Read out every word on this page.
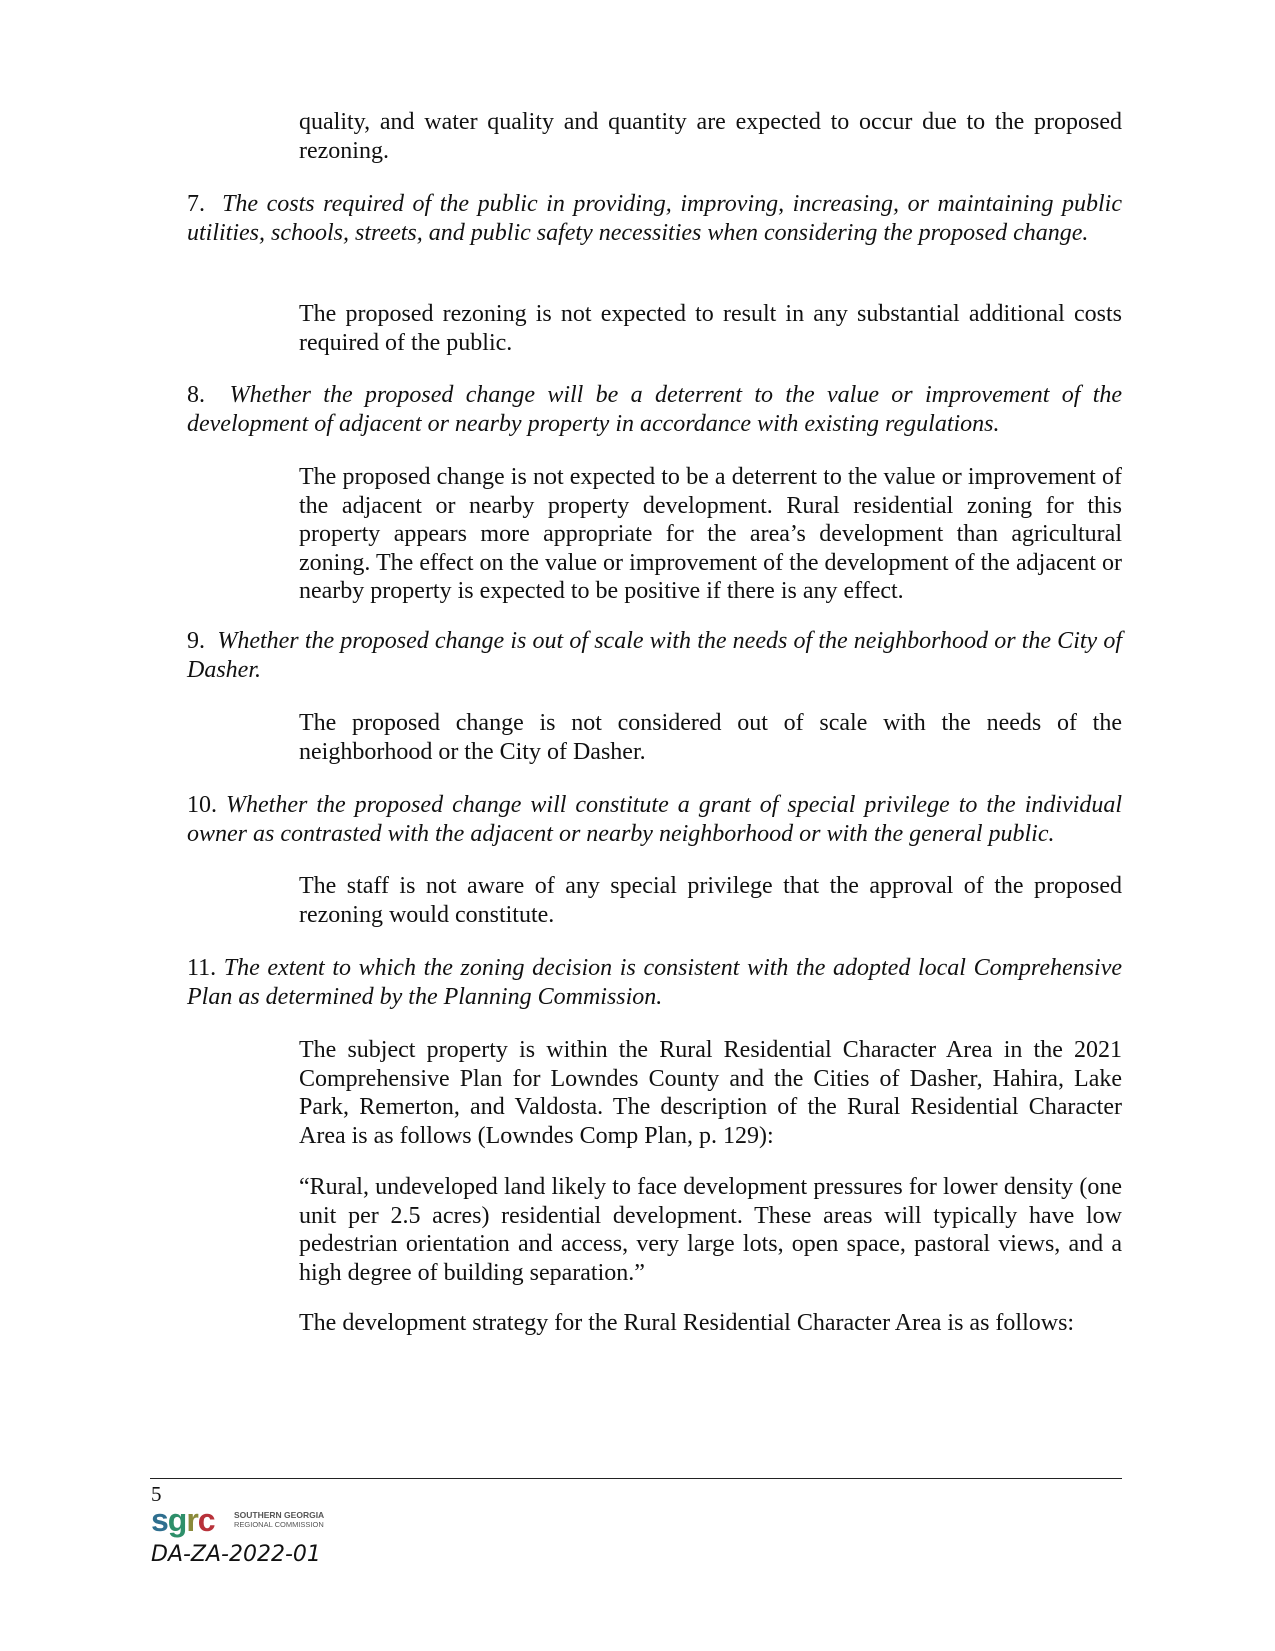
quality, and water quality and quantity are expected to occur due to the proposed rezoning.

7. The costs required of the public in providing, improving, increasing, or maintaining public utilities, schools, streets, and public safety necessities when considering the proposed change.

The proposed rezoning is not expected to result in any substantial additional costs required of the public.

8. Whether the proposed change will be a deterrent to the value or improvement of the development of adjacent or nearby property in accordance with existing regulations.

The proposed change is not expected to be a deterrent to the value or improvement of the adjacent or nearby property development. Rural residential zoning for this property appears more appropriate for the area’s development than agricultural zoning. The effect on the value or improvement of the development of the adjacent or nearby property is expected to be positive if there is any effect.

9. Whether the proposed change is out of scale with the needs of the neighborhood or the City of Dasher.

The proposed change is not considered out of scale with the needs of the neighborhood or the City of Dasher.

10. Whether the proposed change will constitute a grant of special privilege to the individual owner as contrasted with the adjacent or nearby neighborhood or with the general public.

The staff is not aware of any special privilege that the approval of the proposed rezoning would constitute.

11. The extent to which the zoning decision is consistent with the adopted local Comprehensive Plan as determined by the Planning Commission.

The subject property is within the Rural Residential Character Area in the 2021 Comprehensive Plan for Lowndes County and the Cities of Dasher, Hahira, Lake Park, Remerton, and Valdosta. The description of the Rural Residential Character Area is as follows (Lowndes Comp Plan, p. 129):

“Rural, undeveloped land likely to face development pressures for lower density (one unit per 2.5 acres) residential development. These areas will typically have low pedestrian orientation and access, very large lots, open space, pastoral views, and a high degree of building separation.”

The development strategy for the Rural Residential Character Area is as follows:

5
sgrc SOUTHERN GEORGIA
REGIONAL COMMISSION
DA-ZA-2022-01
